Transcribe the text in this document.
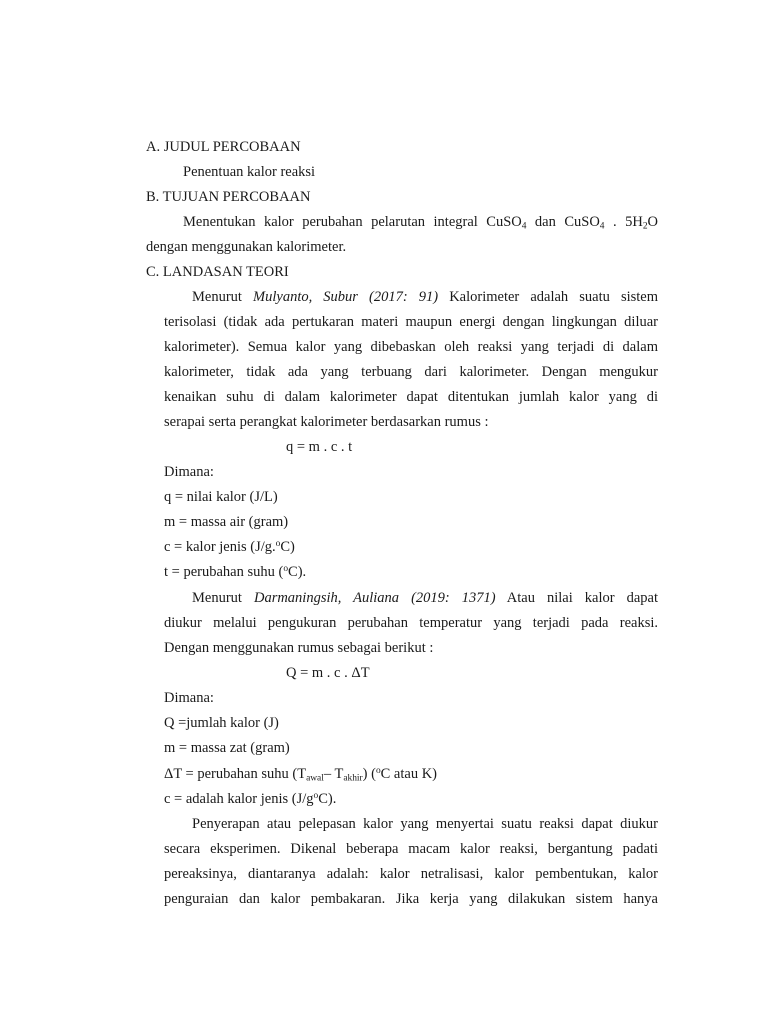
A. JUDUL PERCOBAAN
Penentuan kalor reaksi
B. TUJUAN PERCOBAAN
Menentukan kalor perubahan pelarutan integral CuSO$_4$ dan CuSO$_4$ . $5H_2O$
dengan menggunakan kalorimeter.
C. LANDASAN TEORI
Menurut Mulyanto, Subur (2017: 91) Kalorimeter adalah suatu sistem
terisolasi (tidak ada pertukaran materi maupun energi dengan lingkungan diluar
kalorimeter). Semua kalor yang dibebaskan oleh reaksi yang terjadi di dalam
kalorimeter, tidak ada yang terbuang dari kalorimeter. Dengan mengukur
kenaikan suhu di dalam kalorimeter dapat ditentukan jumlah kalor yang di
serapai serta perangkat kalorimeter berdasarkan rumus :
q = m . c . t
Dimana:
q = nilai kalor (J/L)
m = massa air (gram)
c = kalor jenis (J/g.$^o$C)
t = perubahan suhu ($^o$C).
Menurut Darmaningsih, Auliana (2019: 1371) Atau nilai kalor dapat
diukur melalui pengukuran perubahan temperatur yang terjadi pada reaksi.
Dengan menggunakan rumus sebagai berikut :
Q = m . c . ΔT
Dimana:
Q =jumlah kalor (J)
m = massa zat (gram)
ΔT = perubahan suhu ($T_{awal}-$ $T_{akhir}$) ($^o$C atau K)
c = adalah kalor jenis $(J/g^oC)$.
Penyerapan atau pelepasan kalor yang menyertai suatu reaksi dapat diukur
secara eksperimen. Dikenal beberapa macam kalor reaksi, bergantung padati
pereaksinya, diantaranya adalah: kalor netralisasi, kalor pembentukan, kalor
penguraian dan kalor pembakaran. Jika kerja yang dilakukan sistem hanya
